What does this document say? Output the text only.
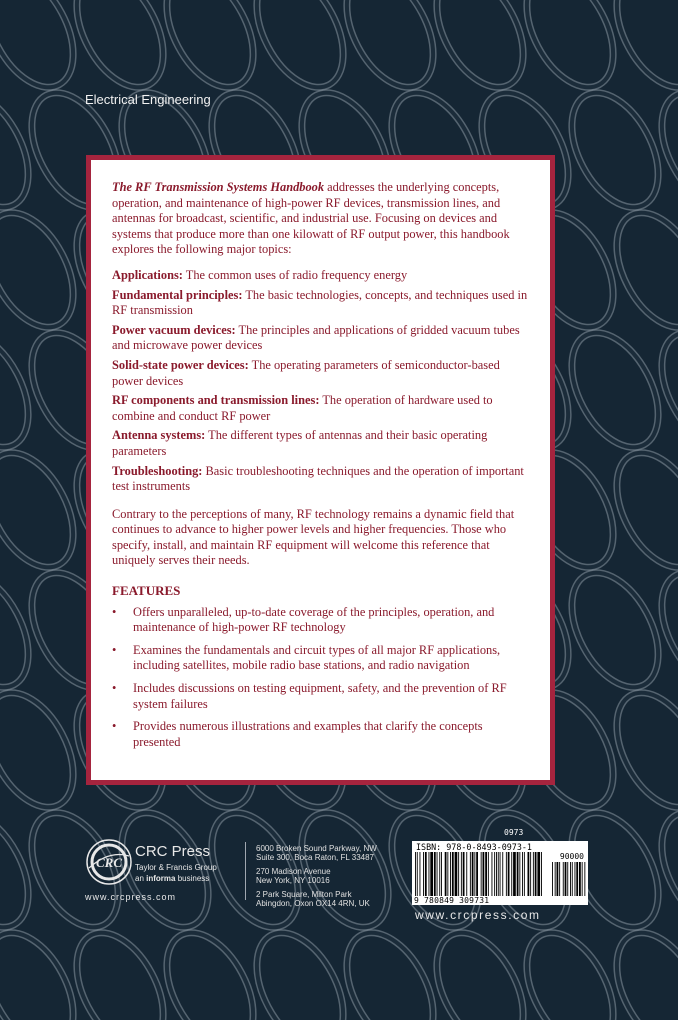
Electrical Engineering

The RF Transmission Systems Handbook addresses the underlying concepts, operation, and maintenance of high-power RF devices, transmission lines, and antennas for broadcast, scientific, and industrial use. Focusing on devices and systems that produce more than one kilowatt of RF output power, this handbook explores the following major topics:

Applications: The common uses of radio frequency energy

Fundamental principles: The basic technologies, concepts, and techniques used in RF transmission

Power vacuum devices: The principles and applications of gridded vacuum tubes and microwave power devices

Solid-state power devices: The operating parameters of semiconductor-based power devices

RF components and transmission lines: The operation of hardware used to combine and conduct RF power

Antenna systems: The different types of antennas and their basic operating parameters

Troubleshooting: Basic troubleshooting techniques and the operation of important test instruments

Contrary to the perceptions of many, RF technology remains a dynamic field that continues to advance to higher power levels and higher frequencies. Those who specify, install, and maintain RF equipment will welcome this reference that uniquely serves their needs.

FEATURES

• Offers unparalleled, up-to-date coverage of the principles, operation, and maintenance of high-power RF technology
• Examines the fundamentals and circuit types of all major RF applications, including satellites, mobile radio base stations, and radio navigation
• Includes discussions on testing equipment, safety, and the prevention of RF system failures
• Provides numerous illustrations and examples that clarify the concepts presented
CRC
CRC Press
Taylor & Francis Group
an informa business
www.crcpress.com
6000 Broken Sound Parkway, NW
Suite 300, Boca Raton, FL 33487
270 Madison Avenue
New York, NY 10016
2 Park Square, Milton Park
Abingdon, Oxon OX14 4RN, UK
0973
ISBN: 978-0-8493-0973-1
90000
9 780849 309731
www.crcpress.com
